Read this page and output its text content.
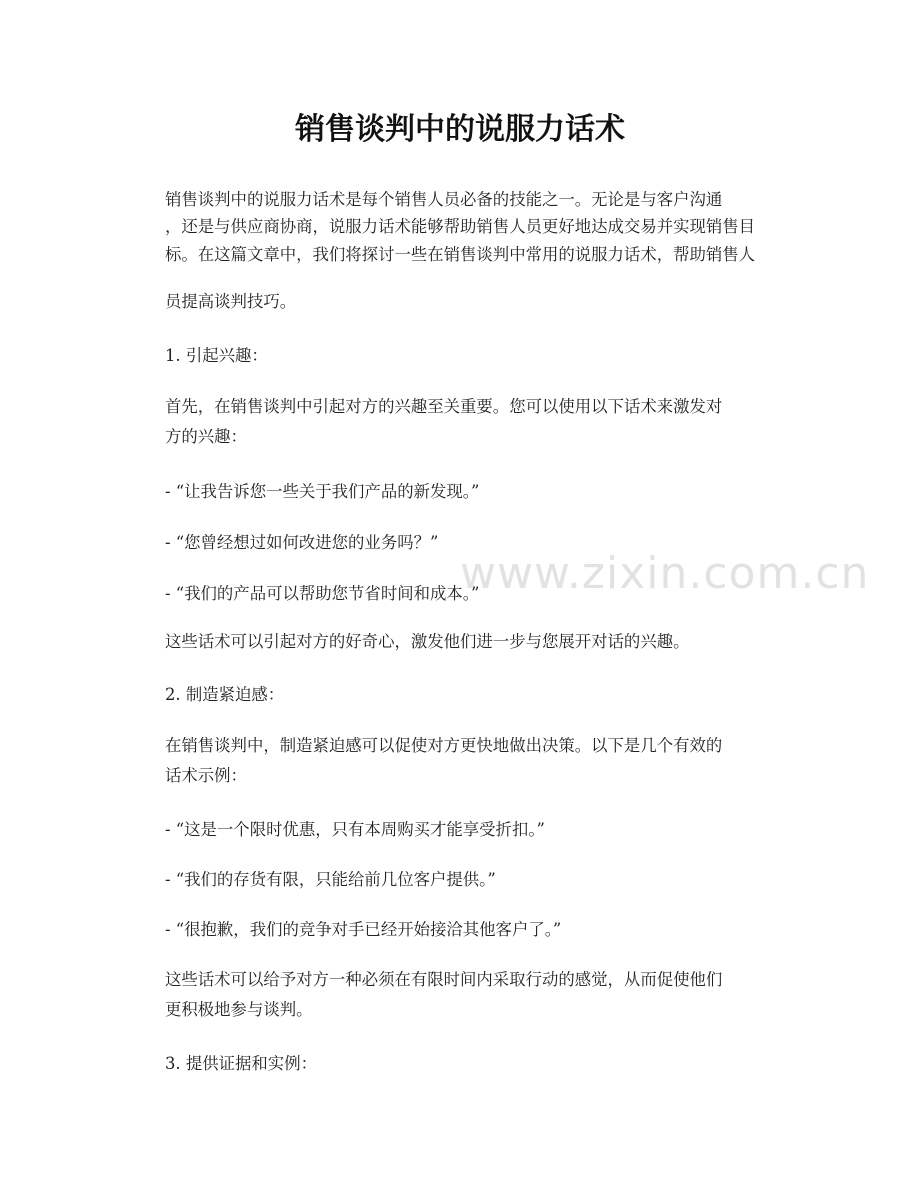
销售谈判中的说服力话术
销售谈判中的说服力话术是每个销售人员必备的技能之一。无论是与客户沟通
，还是与供应商协商，说服力话术能够帮助销售人员更好地达成交易并实现销售目
标。在这篇文章中，我们将探讨一些在销售谈判中常用的说服力话术，帮助销售人
员提高谈判技巧。
1. 引起兴趣：
首先，在销售谈判中引起对方的兴趣至关重要。您可以使用以下话术来激发对
方的兴趣：
- “让我告诉您一些关于我们产品的新发现。”
- “您曾经想过如何改进您的业务吗？”
- “我们的产品可以帮助您节省时间和成本。”
这些话术可以引起对方的好奇心，激发他们进一步与您展开对话的兴趣。
2. 制造紧迫感：
在销售谈判中，制造紧迫感可以促使对方更快地做出决策。以下是几个有效的
话术示例：
- “这是一个限时优惠，只有本周购买才能享受折扣。”
- “我们的存货有限，只能给前几位客户提供。”
- “很抱歉，我们的竞争对手已经开始接洽其他客户了。”
这些话术可以给予对方一种必须在有限时间内采取行动的感觉，从而促使他们
更积极地参与谈判。
3. 提供证据和实例：
www.zixin.com.cn
